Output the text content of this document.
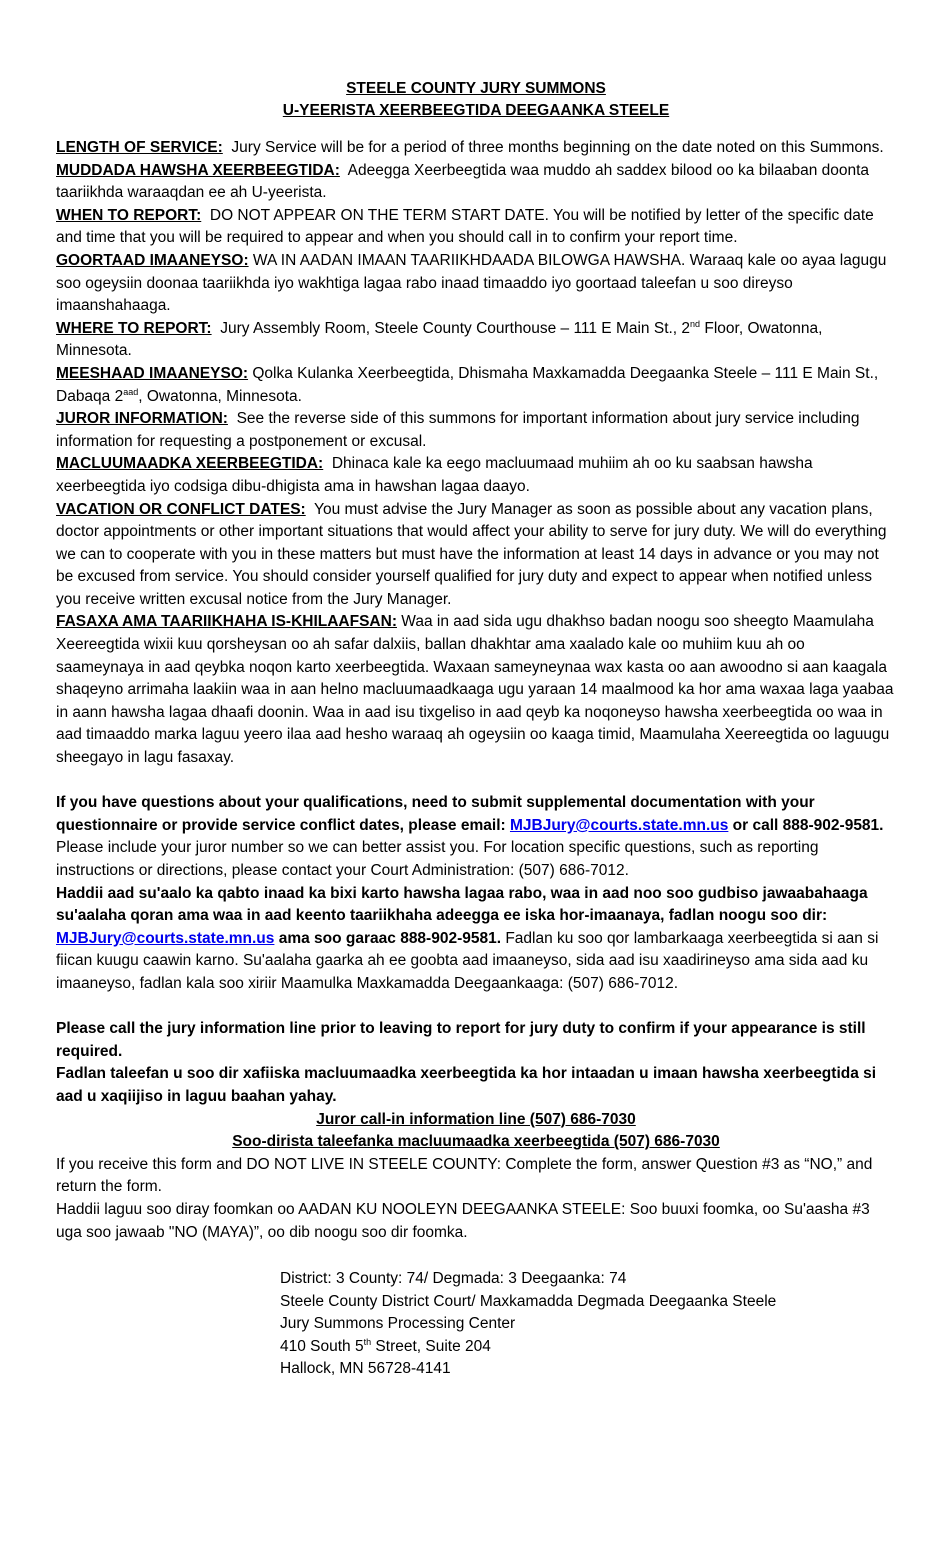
STEELE COUNTY JURY SUMMONS
U-YEERISTA XEERBEEGTIDA DEEGAANKA STEELE

LENGTH OF SERVICE: Jury Service will be for a period of three months beginning on the date noted on this Summons.

MUDDADA HAWSHA XEERBEEGTIDA: Adeegga Xeerbeegtida waa muddo ah saddex bilood oo ka bilaaban doonta taariikhda waraaqdan ee ah U-yeerista.

WHEN TO REPORT: DO NOT APPEAR ON THE TERM START DATE. You will be notified by letter of the specific date and time that you will be required to appear and when you should call in to confirm your report time.

GOORTAAD IMAANEYSO: WA IN AADAN IMAAN TAARIIKHDAADA BILOWGA HAWSHA. Waraaq kale oo ayaa lagugu soo ogeysiin doonaa taariikhda iyo wakhtiga lagaa rabo inaad timaaddo iyo goortaad taleefan u soo direyso imaanshahaaga.

WHERE TO REPORT: Jury Assembly Room, Steele County Courthouse – 111 E Main St., 2nd Floor, Owatonna, Minnesota.

MEESHAAD IMAANEYSO: Qolka Kulanka Xeerbeegtida, Dhismaha Maxkamadda Deegaanka Steele – 111 E Main St., Dabaqa $2^{aad}$, Owatonna, Minnesota.

JUROR INFORMATION: See the reverse side of this summons for important information about jury service including information for requesting a postponement or excusal.

MACLUUMAADKA XEERBEEGTIDA: Dhinaca kale ka eego macluumaad muhiim ah oo ku saabsan hawsha xeerbeegtida iyo codsiga dibu-dhigista ama in hawshan lagaa daayo.

VACATION OR CONFLICT DATES: You must advise the Jury Manager as soon as possible about any vacation plans, doctor appointments or other important situations that would affect your ability to serve for jury duty. We will do everything we can to cooperate with you in these matters but must have the information at least 14 days in advance or you may not be excused from service. You should consider yourself qualified for jury duty and expect to appear when notified unless you receive written excusal notice from the Jury Manager.

FASAXA AMA TAARIIKHAHA IS-KHILAAFSAN: Waa in aad sida ugu dhakhso badan noogu soo sheegto Maamulaha Xeereegtida wixii kuu qorsheysan oo ah safar dalxiis, ballan dhakhtar ama xaalado kale oo muhiim kuu ah oo saameynaya in aad qeybka noqon karto xeerbeegtida. Waxaan sameyneynaa wax kasta oo aan awoodno si aan kaagala shaqeyno arrimaha laakiin waa in aan helno macluumaadkaaga ugu yaraan 14 maalmood ka hor ama waxaa laga yaabaa in aann hawsha lagaa dhaafi doonin. Waa in aad isu tixgeliso in aad qeyb ka noqoneyso hawsha xeerbeegtida oo waa in aad timaaddo marka laguu yeero ilaa aad hesho waraaq ah ogeysiin oo kaaga timid, Maamulaha Xeereegtida oo laguugu sheegayo in lagu fasaxay.

If you have questions about your qualifications, need to submit supplemental documentation with your questionnaire or provide service conflict dates, please email: MJBJury@courts.state.mn.us or call 888-902-9581. Please include your juror number so we can better assist you. For location specific questions, such as reporting instructions or directions, please contact your Court Administration: (507) 686-7012.

Haddii aad su'aalo ka qabto inaad ka bixi karto hawsha lagaa rabo, waa in aad noo soo gudbiso jawaabahaaga su'aalaha qoran ama waa in aad keento taariikhaha adeegga ee iska hor-imaanaya, fadlan noogu soo dir: MJBJury@courts.state.mn.us ama soo garaac 888-902-9581. Fadlan ku soo qor lambarkaaga xeerbeegtida si aan si fiican kuugu caawin karno. Su'aalaha gaarka ah ee goobta aad imaaneyso, sida aad isu xaadirineyso ama sida aad ku imaaneyso, fadlan kala soo xiriir Maamulka Maxkamadda Deegaankaaga: (507) 686-7012.

Please call the jury information line prior to leaving to report for jury duty to confirm if your appearance is still required.

Fadlan taleefan u soo dir xafiiska macluumaadka xeerbeegtida ka hor intaadan u imaan hawsha xeerbeegtida si aad u xaqiijiso in laguu baahan yahay.

Juror call-in information line (507) 686-7030

Soo-dirista taleefanka macluumaadka xeerbeegtida (507) 686-7030

If you receive this form and DO NOT LIVE IN STEELE COUNTY: Complete the form, answer Question #3 as “NO,” and return the form.

Haddii laguu soo diray foomkan oo AADAN KU NOOLEYN DEEGAANKA STEELE: Soo buuxi foomka, oo Su'aasha #3 uga soo jawaab "NO (MAYA)”, oo dib noogu soo dir foomka.

District: 3 County: 74/ Degmada: 3 Deegaanka: 74
Steele County District Court/ Maxkamadda Degmada Deegaanka Steele
Jury Summons Processing Center
410 South 5th Street, Suite 204
Hallock, MN 56728-4141
